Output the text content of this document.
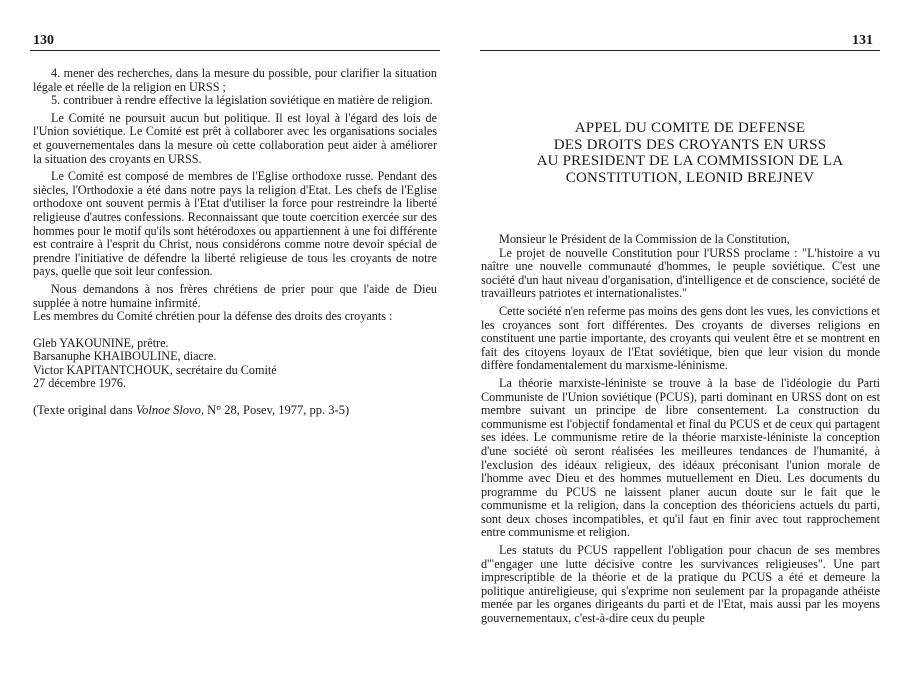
130

4. mener des recherches, dans la mesure du possible, pour clarifier la situation légale et réelle de la religion en URSS ;

5. contribuer à rendre effective la législation soviétique en matière de religion.

Le Comité ne poursuit aucun but politique. Il est loyal à l'égard des lois de l'Union soviétique. Le Comité est prêt à collaborer avec les organisations sociales et gouvernementales dans la mesure où cette collaboration peut aider à améliorer la situation des croyants en URSS.

Le Comité est composé de membres de l'Eglise orthodoxe russe. Pendant des siècles, l'Orthodoxie a été dans notre pays la religion d'Etat. Les chefs de l'Eglise orthodoxe ont souvent permis à l'Etat d'utiliser la force pour restreindre la liberté religieuse d'autres confessions. Reconnaissant que toute coercition exercée sur des hommes pour le motif qu'ils sont hétérodoxes ou appartiennent à une foi différente est contraire à l'esprit du Christ, nous considérons comme notre devoir spécial de prendre l'initiative de défendre la liberté religieuse de tous les croyants de notre pays, quelle que soit leur confession.

Nous demandons à nos frères chrétiens de prier pour que l'aide de Dieu supplée à notre humaine infirmité.

Les membres du Comité chrétien pour la défense des droits des croyants :

Gleb YAKOUNINE, prêtre.
Barsanuphe KHAIBOULINE, diacre.
Victor KAPITANTCHOUK, secrétaire du Comité
27 décembre 1976.
(Texte original dans Volnoe Slovo, N° 28, Posev, 1977, pp. 3-5)
131
APPEL DU COMITE DE DEFENSE
DES DROITS DES CROYANTS EN URSS
AU PRESIDENT DE LA COMMISSION DE LA
CONSTITUTION, LEONID BREJNEV

Monsieur le Président de la Commission de la Constitution,

Le projet de nouvelle Constitution pour l'URSS proclame : "L'histoire a vu naître une nouvelle communauté d'hommes, le peuple soviétique. C'est une société d'un haut niveau d'organisation, d'intelligence et de conscience, société de travailleurs patriotes et internationalistes."

Cette société n'en referme pas moins des gens dont les vues, les convictions et les croyances sont fort différentes. Des croyants de diverses religions en constituent une partie importante, des croyants qui veulent être et se montrent en fait des citoyens loyaux de l'Etat soviétique, bien que leur vision du monde diffère fondamentalement du marxisme-léninisme.

La théorie marxiste-léniniste se trouve à la base de l'idéologie du Parti Communiste de l'Union soviétique (PCUS), parti dominant en URSS dont on est membre suivant un principe de libre consentement. La construction du communisme est l'objectif fondamental et final du PCUS et de ceux qui partagent ses idées. Le communisme retire de la théorie marxiste-léniniste la conception d'une société où seront réalisées les meilleures tendances de l'humanité, à l'exclusion des idéaux religieux, des idéaux préconisant l'union morale de l'homme avec Dieu et des hommes mutuellement en Dieu. Les documents du programme du PCUS ne laissent planer aucun doute sur le fait que le communisme et la religion, dans la conception des théoriciens actuels du parti, sont deux choses incompatibles, et qu'il faut en finir avec tout rapprochement entre communisme et religion.

Les statuts du PCUS rappellent l'obligation pour chacun de ses membres d'"engager une lutte décisive contre les survivances religieuses". Une part imprescriptible de la théorie et de la pratique du PCUS a été et demeure la politique antireligieuse, qui s'exprime non seulement par la propagande athéiste menée par les organes dirigeants du parti et de l'Etat, mais aussi par les moyens gouvernementaux, c'est-à-dire ceux du peuple
